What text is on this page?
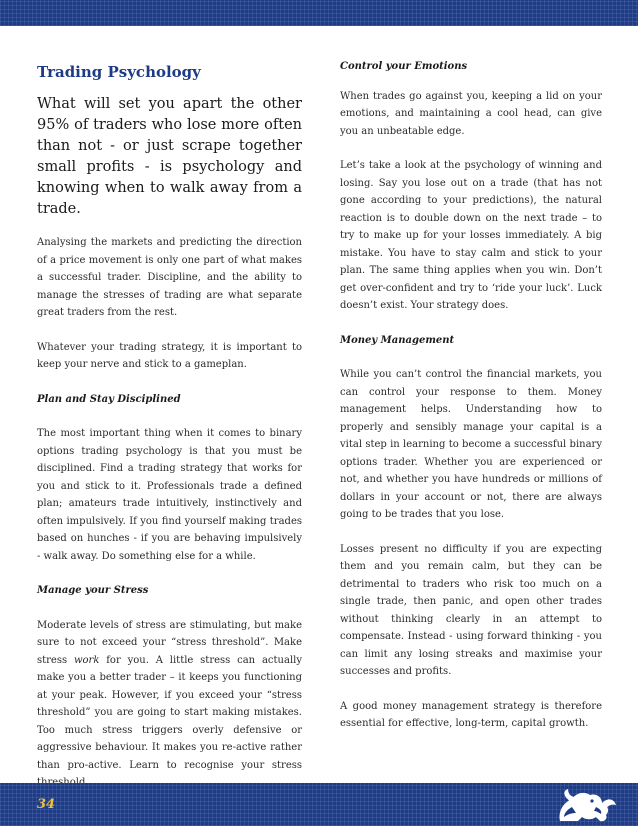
Trading Psychology
What will set you apart the other 95% of traders who lose more often than not - or just scrape together small profits - is psychology and knowing when to walk away from a trade.

Analysing the markets and predicting the direction of a price movement is only one part of what makes a successful trader. Discipline, and the ability to manage the stresses of trading are what separate great traders from the rest.

Whatever your trading strategy, it is important to keep your nerve and stick to a gameplan.

Plan and Stay Disciplined

The most important thing when it comes to binary options trading psychology is that you must be disciplined. Find a trading strategy that works for you and stick to it. Professionals trade a defined plan; amateurs trade intuitively, instinctively and often impulsively. If you find yourself making trades based on hunches - if you are behaving impulsively - walk away. Do something else for a while.

Manage your Stress

Moderate levels of stress are stimulating, but make sure to not exceed your “stress threshold”. Make stress work for you. A little stress can actually make you a better trader – it keeps you functioning at your peak. However, if you exceed your “stress threshold” you are going to start making mistakes. Too much stress triggers overly defensive or aggressive behaviour. It makes you re-active rather than pro-active. Learn to recognise your stress

Control your Emotions

When trades go against you, keeping a lid on your emotions, and maintaining a cool head, can give you an unbeatable edge.

Let’s take a look at the psychology of winning and losing. Say you lose out on a trade (that has not gone according to your predictions), the natural reaction is to double down on the next trade – to try to make up for your losses immediately. A big mistake. You have to stay calm and stick to your plan. The same thing applies when you win. Don’t get over-confident and try to ‘ride your luck’. Luck doesn’t exist. Your strategy does.

Money Management

While you can’t control the financial markets, you can control your response to them. Money management helps. Understanding how to properly and sensibly manage your capital is a vital step in learning to become a successful binary options trader. Whether you are experienced or not, and whether you have hundreds or millions of dollars in your account or not, there are always going to be trades that you lose.

Losses present no difficulty if you are expecting them and you remain calm, but they can be detrimental to traders who risk too much on a single trade, then panic, and open other trades without thinking clearly in an attempt to compensate. Instead - using forward thinking - you can limit any losing streaks and maximise your successes and profits.

A good money management strategy is therefore essential for effective, long-term, capital growth.

34
